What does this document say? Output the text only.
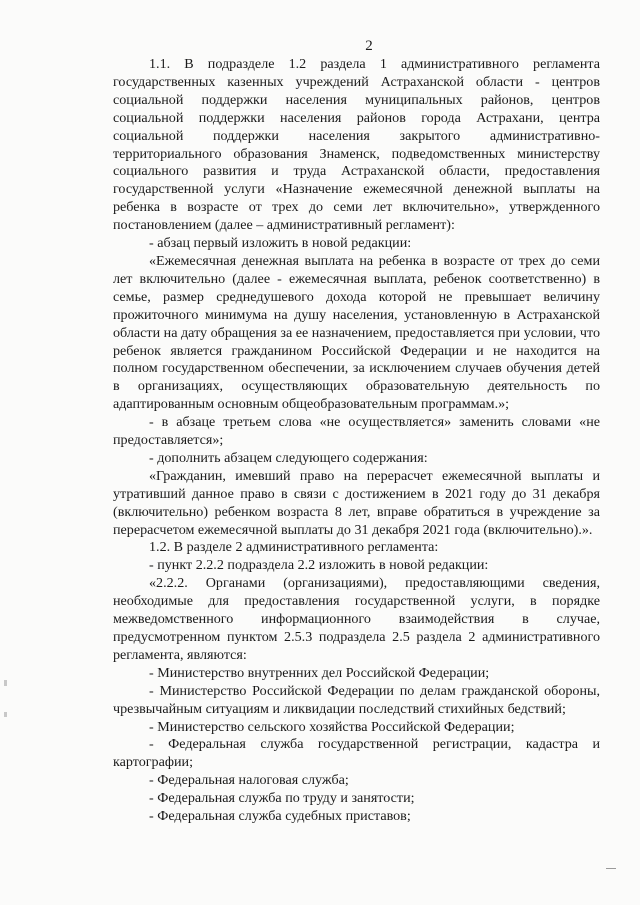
2

1.1. В подразделе 1.2 раздела 1 административного регламента государственных казенных учреждений Астраханской области - центров социальной поддержки населения муниципальных районов, центров социальной поддержки населения районов города Астрахани, центра социальной поддержки населения закрытого административно-территориального образования Знаменск, подведомственных министерству социального развития и труда Астраханской области, предоставления государственной услуги «Назначение ежемесячной денежной выплаты на ребенка в возрасте от трех до семи лет включительно», утвержденного постановлением (далее – административный регламент):

- абзац первый изложить в новой редакции:

«Ежемесячная денежная выплата на ребенка в возрасте от трех до семи лет включительно (далее - ежемесячная выплата, ребенок соответственно) в семье, размер среднедушевого дохода которой не превышает величину прожиточного минимума на душу населения, установленную в Астраханской области на дату обращения за ее назначением, предоставляется при условии, что ребенок является гражданином Российской Федерации и не находится на полном государственном обеспечении, за исключением случаев обучения детей в организациях, осуществляющих образовательную деятельность по адаптированным основным общеобразовательным программам.»;

- в абзаце третьем слова «не осуществляется» заменить словами «не предоставляется»;

- дополнить абзацем следующего содержания:

«Гражданин, имевший право на перерасчет ежемесячной выплаты и утративший данное право в связи с достижением в 2021 году до 31 декабря (включительно) ребенком возраста 8 лет, вправе обратиться в учреждение за перерасчетом ежемесячной выплаты до 31 декабря 2021 года (включительно).».

1.2. В разделе 2 административного регламента:

- пункт 2.2.2 подраздела 2.2 изложить в новой редакции:

«2.2.2. Органами (организациями), предоставляющими сведения, необходимые для предоставления государственной услуги, в порядке межведомственного информационного взаимодействия в случае, предусмотренном пунктом 2.5.3 подраздела 2.5 раздела 2 административного регламента, являются:

- Министерство внутренних дел Российской Федерации;

- Министерство Российской Федерации по делам гражданской обороны, чрезвычайным ситуациям и ликвидации последствий стихийных бедствий;

- Министерство сельского хозяйства Российской Федерации;

- Федеральная служба государственной регистрации, кадастра и картографии;

- Федеральная налоговая служба;

- Федеральная служба по труду и занятости;

- Федеральная служба судебных приставов;
